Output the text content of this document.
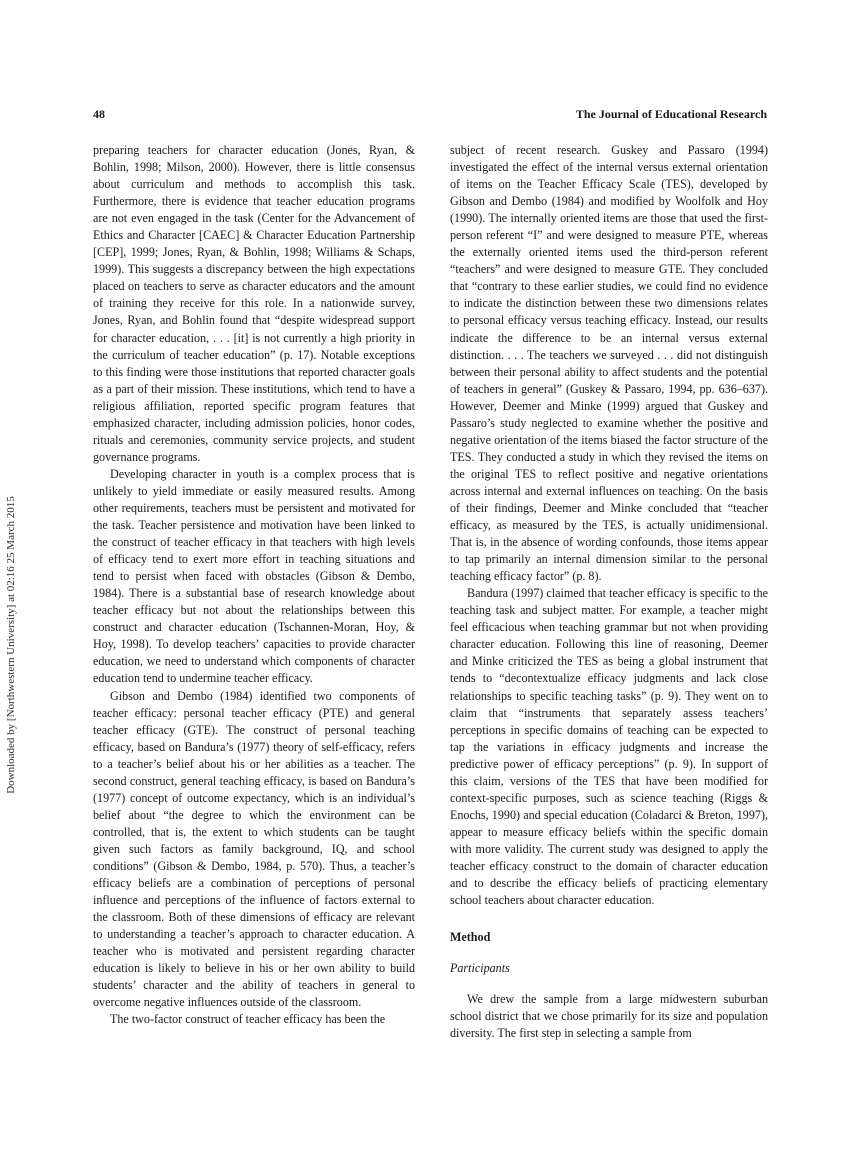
48	The Journal of Educational Research
Downloaded by [Northwestern University] at 02:16 25 March 2015

preparing teachers for character education (Jones, Ryan, & Bohlin, 1998; Milson, 2000). However, there is little consensus about curriculum and methods to accomplish this task. Furthermore, there is evidence that teacher education programs are not even engaged in the task (Center for the Advancement of Ethics and Character [CAEC] & Character Education Partnership [CEP], 1999; Jones, Ryan, & Bohlin, 1998; Williams & Schaps, 1999). This suggests a discrepancy between the high expectations placed on teachers to serve as character educators and the amount of training they receive for this role. In a nationwide survey, Jones, Ryan, and Bohlin found that “despite widespread support for character education, . . . [it] is not currently a high priority in the curriculum of teacher education” (p. 17). Notable exceptions to this finding were those institutions that reported character goals as a part of their mission. These institutions, which tend to have a religious affiliation, reported specific program features that emphasized character, including admission policies, honor codes, rituals and ceremonies, community service projects, and student governance programs.

Developing character in youth is a complex process that is unlikely to yield immediate or easily measured results. Among other requirements, teachers must be persistent and motivated for the task. Teacher persistence and motivation have been linked to the construct of teacher efficacy in that teachers with high levels of efficacy tend to exert more effort in teaching situations and tend to persist when faced with obstacles (Gibson & Dembo, 1984). There is a substantial base of research knowledge about teacher efficacy but not about the relationships between this construct and character education (Tschannen-Moran, Hoy, & Hoy, 1998). To develop teachers’ capacities to provide character education, we need to understand which components of character education tend to undermine teacher efficacy.

Gibson and Dembo (1984) identified two components of teacher efficacy: personal teacher efficacy (PTE) and general teacher efficacy (GTE). The construct of personal teaching efficacy, based on Bandura’s (1977) theory of self-efficacy, refers to a teacher’s belief about his or her abilities as a teacher. The second construct, general teaching efficacy, is based on Bandura’s (1977) concept of outcome expectancy, which is an individual’s belief about “the degree to which the environment can be controlled, that is, the extent to which students can be taught given such factors as family background, IQ, and school conditions” (Gibson & Dembo, 1984, p. 570). Thus, a teacher’s efficacy beliefs are a combination of perceptions of personal influence and perceptions of the influence of factors external to the classroom. Both of these dimensions of efficacy are relevant to understanding a teacher’s approach to character education. A teacher who is motivated and persistent regarding character education is likely to believe in his or her own ability to build students’ character and the ability of teachers in general to overcome negative influences outside of the classroom.

The two-factor construct of teacher efficacy has been the

subject of recent research. Guskey and Passaro (1994) investigated the effect of the internal versus external orientation of items on the Teacher Efficacy Scale (TES), developed by Gibson and Dembo (1984) and modified by Woolfolk and Hoy (1990). The internally oriented items are those that used the first-person referent “I” and were designed to measure PTE, whereas the externally oriented items used the third-person referent “teachers” and were designed to measure GTE. They concluded that “contrary to these earlier studies, we could find no evidence to indicate the distinction between these two dimensions relates to personal efficacy versus teaching efficacy. Instead, our results indicate the difference to be an internal versus external distinction. . . . The teachers we surveyed . . . did not distinguish between their personal ability to affect students and the potential of teachers in general” (Guskey & Passaro, 1994, pp. 636–637). However, Deemer and Minke (1999) argued that Guskey and Passaro’s study neglected to examine whether the positive and negative orientation of the items biased the factor structure of the TES. They conducted a study in which they revised the items on the original TES to reflect positive and negative orientations across internal and external influences on teaching. On the basis of their findings, Deemer and Minke concluded that “teacher efficacy, as measured by the TES, is actually unidimensional. That is, in the absence of wording confounds, those items appear to tap primarily an internal dimension similar to the personal teaching efficacy factor” (p. 8).

Bandura (1997) claimed that teacher efficacy is specific to the teaching task and subject matter. For example, a teacher might feel efficacious when teaching grammar but not when providing character education. Following this line of reasoning, Deemer and Minke criticized the TES as being a global instrument that tends to “decontextualize efficacy judgments and lack close relationships to specific teaching tasks” (p. 9). They went on to claim that “instruments that separately assess teachers’ perceptions in specific domains of teaching can be expected to tap the variations in efficacy judgments and increase the predictive power of efficacy perceptions” (p. 9). In support of this claim, versions of the TES that have been modified for context-specific purposes, such as science teaching (Riggs & Enochs, 1990) and special education (Coladarci & Breton, 1997), appear to measure efficacy beliefs within the specific domain with more validity. The current study was designed to apply the teacher efficacy construct to the domain of character education and to describe the efficacy beliefs of practicing elementary school teachers about character education.

Method
Participants

We drew the sample from a large midwestern suburban school district that we chose primarily for its size and population diversity. The first step in selecting a sample from
